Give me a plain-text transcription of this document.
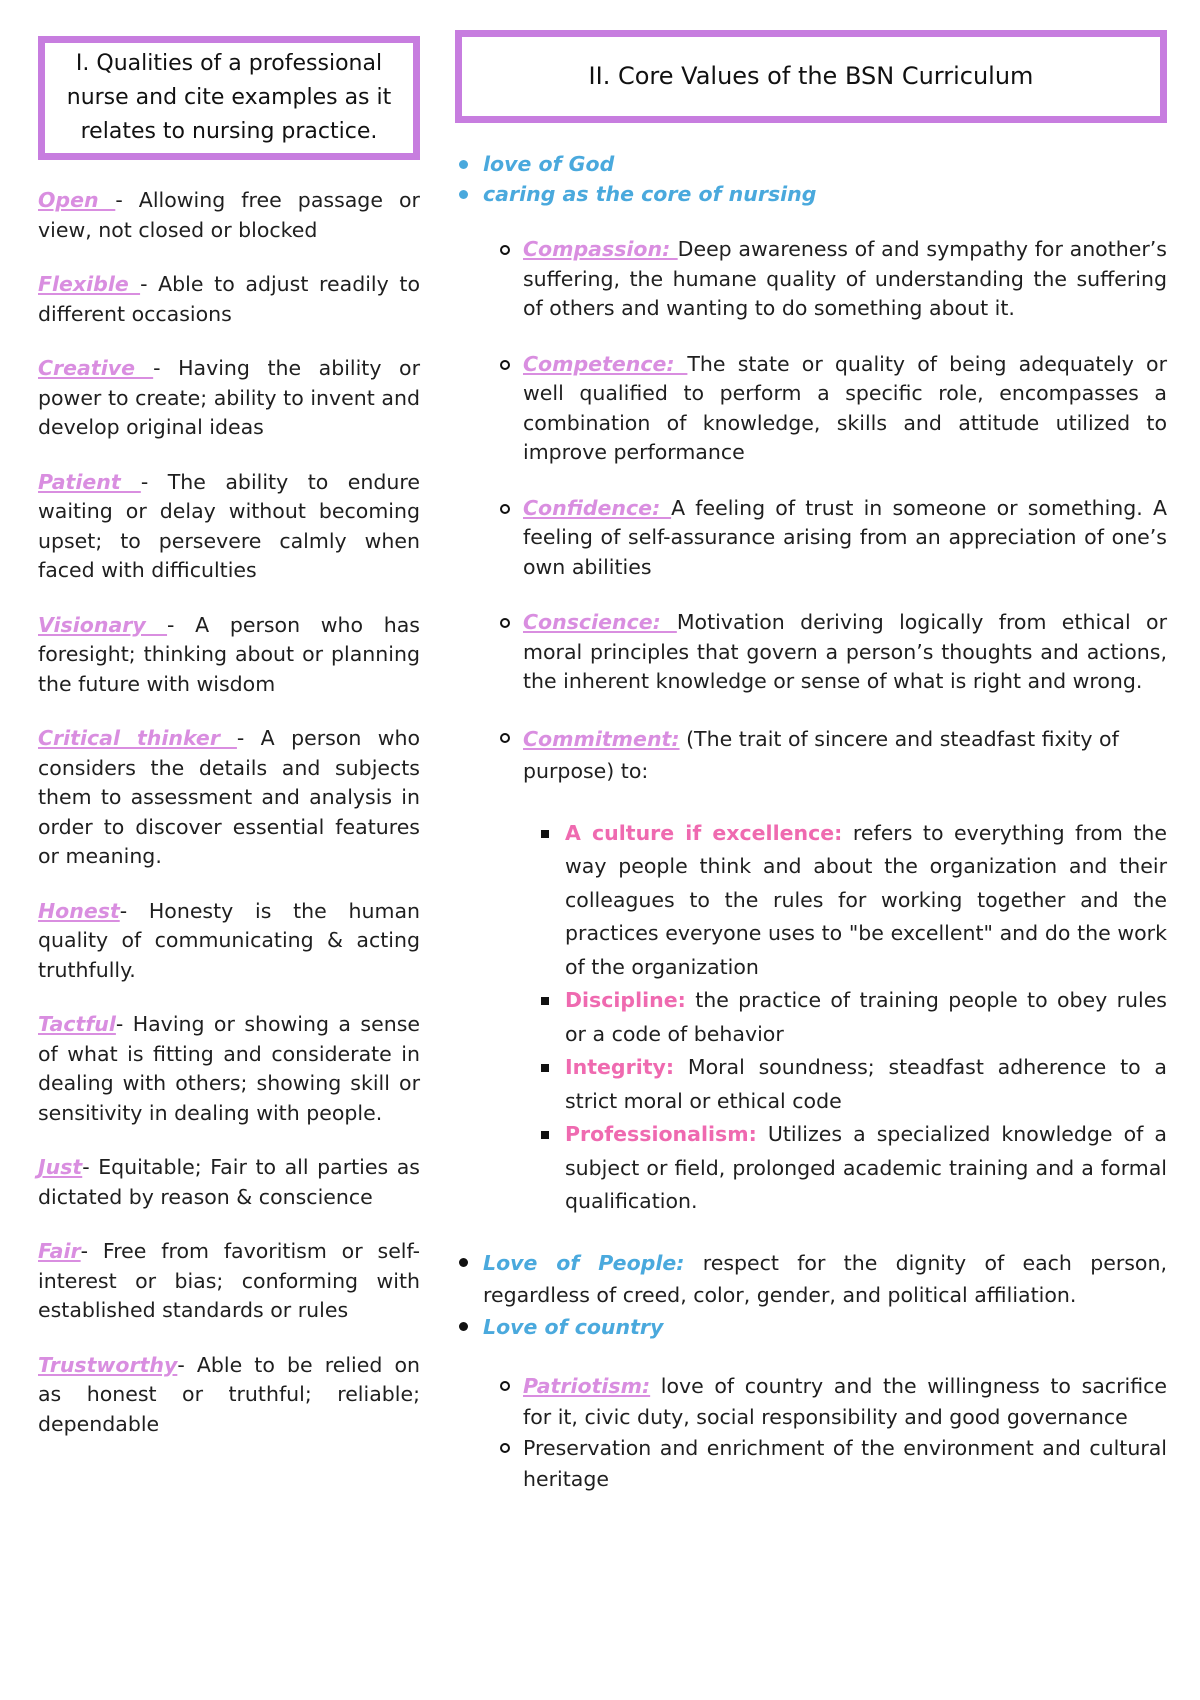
I. Qualities of a professional nurse and cite examples as it relates to nursing practice.

Open - Allowing free passage or view, not closed or blocked

Flexible - Able to adjust readily to different occasions

Creative - Having the ability or power to create; ability to invent and develop original ideas

Patient - The ability to endure waiting or delay without becoming upset; to persevere calmly when faced with difficulties

Visionary - A person who has foresight; thinking about or planning the future with wisdom

Critical thinker - A person who considers the details and subjects them to assessment and analysis in order to discover essential features or meaning.

Honest- Honesty is the human quality of communicating & acting truthfully.

Tactful- Having or showing a sense of what is fitting and considerate in dealing with others; showing skill or sensitivity in dealing with people.

Just- Equitable; Fair to all parties as dictated by reason & conscience

Fair- Free from favoritism or self-interest or bias; conforming with established standards or rules

Trustworthy- Able to be relied on as honest or truthful; reliable; dependable

II. Core Values of the BSN Curriculum
love of God
caring as the core of nursing
Compassion: Deep awareness of and sympathy for another’s suffering, the humane quality of understanding the suffering of others and wanting to do something about it.
Competence: The state or quality of being adequately or well qualified to perform a specific role, encompasses a combination of knowledge, skills and attitude utilized to improve performance
Confidence: A feeling of trust in someone or something. A feeling of self-assurance arising from an appreciation of one’s own abilities
Conscience: Motivation deriving logically from ethical or moral principles that govern a person’s thoughts and actions, the inherent knowledge or sense of what is right and wrong.
Commitment: (The trait of sincere and steadfast fixity of purpose) to:
A culture if excellence: refers to everything from the way people think and about the organization and their colleagues to the rules for working together and the practices everyone uses to "be excellent" and do the work of the organization
Discipline: the practice of training people to obey rules or a code of behavior
Integrity: Moral soundness; steadfast adherence to a strict moral or ethical code
Professionalism: Utilizes a specialized knowledge of a subject or field, prolonged academic training and a formal qualification.
Love of People: respect for the dignity of each person, regardless of creed, color, gender, and political affiliation.
Love of country
Patriotism: love of country and the willingness to sacrifice for it, civic duty, social responsibility and good governance
Preservation and enrichment of the environment and cultural heritage
